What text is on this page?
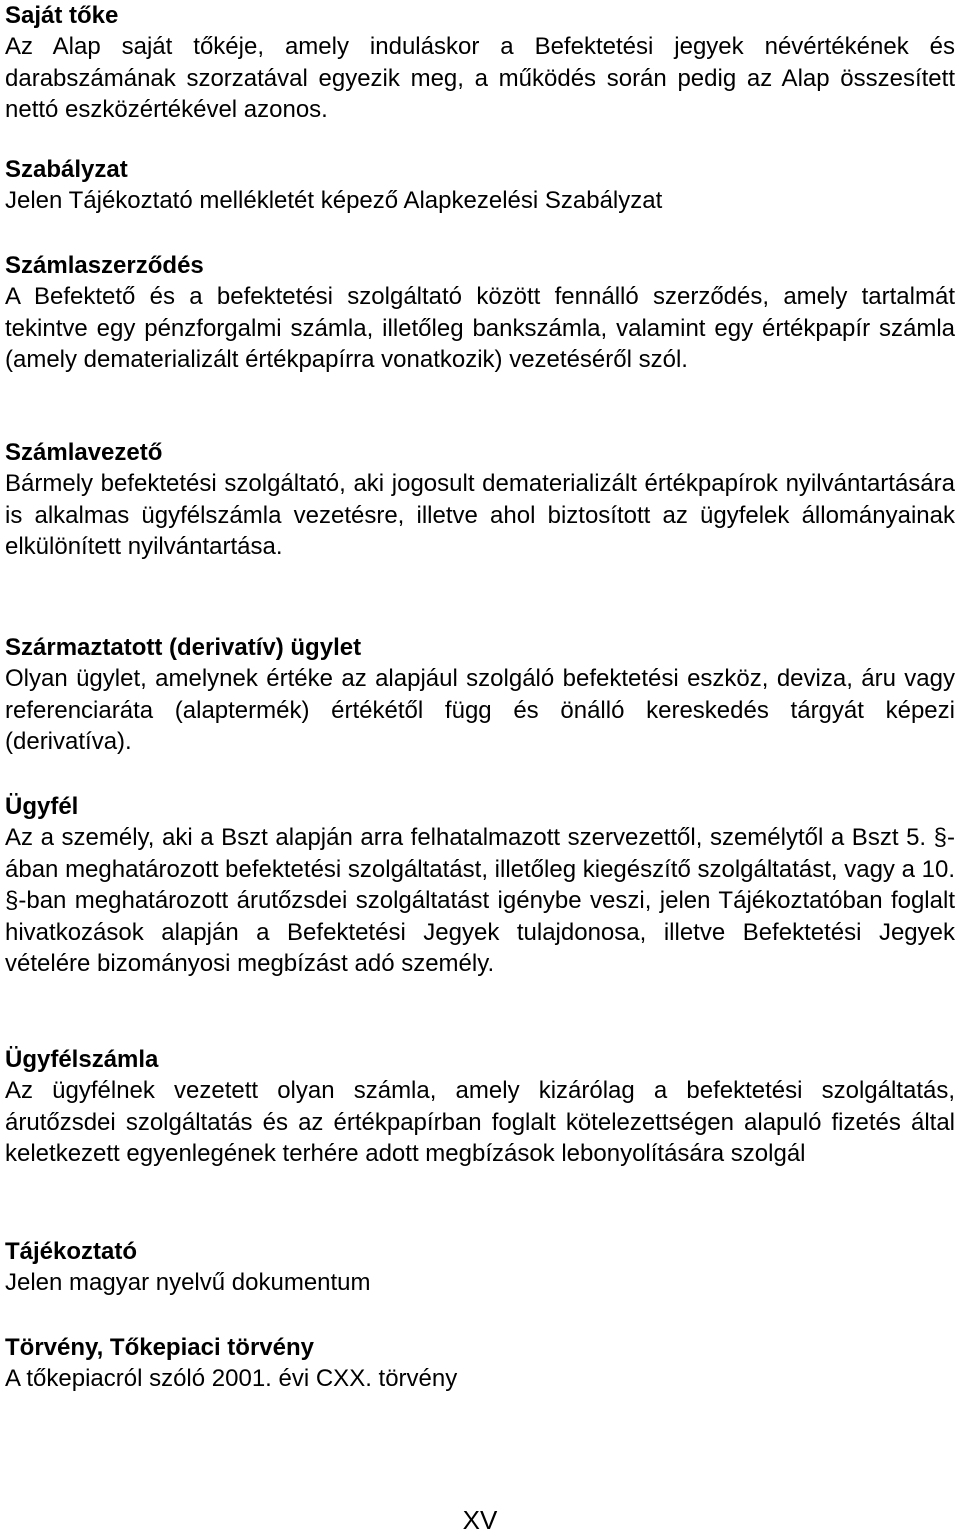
Saját tőke

Az Alap saját tőkéje, amely induláskor a Befektetési jegyek névértékének és darabszámának szorzatával egyezik meg, a működés során pedig az Alap összesített nettó eszközértékével azonos.

Szabályzat

Jelen Tájékoztató mellékletét képező Alapkezelési Szabályzat

Számlaszerződés

A Befektető és a befektetési szolgáltató között fennálló szerződés, amely tartalmát tekintve egy pénzforgalmi számla, illetőleg bankszámla, valamint egy értékpapír számla (amely dematerializált értékpapírra vonatkozik) vezetéséről szól.

Számlavezető

Bármely befektetési szolgáltató, aki jogosult dematerializált értékpapírok nyilvántartására is alkalmas ügyfélszámla vezetésre, illetve ahol biztosított az ügyfelek állományainak elkülönített nyilvántartása.

Származtatott (derivatív) ügylet

Olyan ügylet, amelynek értéke az alapjául szolgáló befektetési eszköz, deviza, áru vagy referenciaráta (alaptermék) értékétől függ és önálló kereskedés tárgyát képezi (derivatíva).

Ügyfél

Az a személy, aki a Bszt alapján arra felhatalmazott szervezettől, személytől a Bszt 5. §-ában meghatározott befektetési szolgáltatást, illetőleg kiegészítő szolgáltatást, vagy a 10. §-ban meghatározott árutőzsdei szolgáltatást igénybe veszi, jelen Tájékoztatóban foglalt hivatkozások alapján a Befektetési Jegyek tulajdonosa, illetve Befektetési Jegyek vételére bizományosi megbízást adó személy.

Ügyfélszámla

Az ügyfélnek vezetett olyan számla, amely kizárólag a befektetési szolgáltatás, árutőzsdei szolgáltatás és az értékpapírban foglalt kötelezettségen alapuló fizetés által keletkezett egyenlegének terhére adott megbízások lebonyolítására szolgál

Tájékoztató

Jelen magyar nyelvű dokumentum

Törvény, Tőkepiaci törvény

A tőkepiacról szóló 2001. évi CXX. törvény

XV
